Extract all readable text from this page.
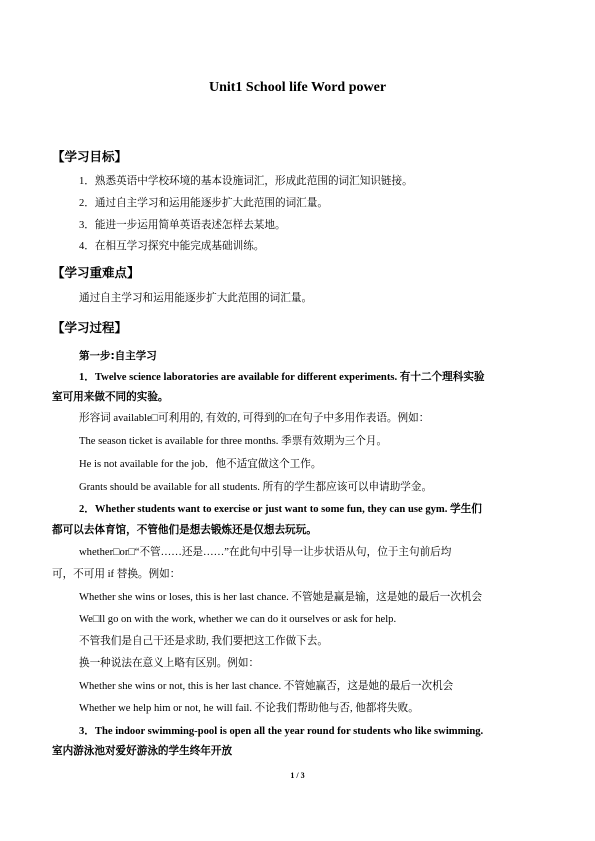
Unit1 School life Word power
【学习目标】
1．熟悉英语中学校环境的基本设施词汇，形成此范围的词汇知识链接。
2．通过自主学习和运用能逐步扩大此范围的词汇量。
3．能进一步运用简单英语表述怎样去某地。
4．在相互学习探究中能完成基础训练。
【学习重难点】
通过自主学习和运用能逐步扩大此范围的词汇量。
【学习过程】
第一步:自主学习
1．Twelve science laboratories are available for different experiments. 有十二个理科实验
室可用来做不同的实验。
形容词 available□可利用的, 有效的, 可得到的□在句子中多用作表语。例如：
The season ticket is available for three months. 季票有效期为三个月。
He is not available for the job．他不适宜做这个工作。
Grants should be available for all students. 所有的学生都应该可以申请助学金。
2．Whether students want to exercise or just want to some fun, they can use gym. 学生们
都可以去体育馆，不管他们是想去锻炼还是仅想去玩玩。
whether□or□“不管……还是……”在此句中引导一让步状语从句，位于主句前后均
可，不可用 if 替换。例如：
Whether she wins or loses, this is her last chance. 不管她是赢是输，这是她的最后一次机会
We□ll go on with the work, whether we can do it ourselves or ask for help.
不管我们是自己干还是求助, 我们要把这工作做下去。
换一种说法在意义上略有区别。例如：
Whether she wins or not, this is her last chance. 不管她赢否，这是她的最后一次机会
Whether we help him or not, he will fail. 不论我们帮助他与否, 他都将失败。
3．The indoor swimming-pool is open all the year round for students who like swimming.
室内游泳池对爱好游泳的学生终年开放
1 / 3
